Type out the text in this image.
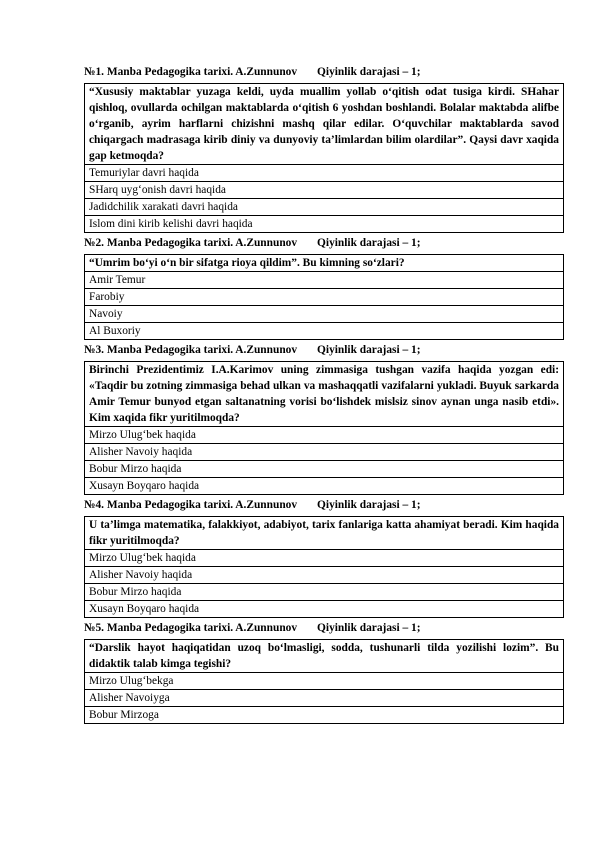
№1. Manba Pedagogika tarixi. A.Zunnunov Qiyinlik darajasi – 1;

“Xususiy maktablar yuzaga keldi, uyda muallim yollab o‘qitish odat tusiga kirdi. SHahar qishloq, ovullarda ochilgan maktablarda o‘qitish 6 yoshdan boshlandi. Bolalar maktabda alifbe o‘rganib, ayrim harflarni chizishni mashq qilar edilar. O‘quvchilar maktablarda savod chiqargach madrasaga kirib diniy va dunyoviy ta’limlardan bilim olardilar”. Qaysi davr xaqida gap ketmoqda?
Temuriylar davri haqida
SHarq uyg‘onish davri haqida
Jadidchilik xarakati davri haqida
Islom dini kirib kelishi davri haqida

№2. Manba Pedagogika tarixi. A.Zunnunov Qiyinlik darajasi – 1;

“Umrim bo‘yi o‘n bir sifatga rioya qildim”. Bu kimning so‘zlari?
Amir Temur
Farobiy
Navoiy
Al Buxoriy

№3. Manba Pedagogika tarixi. A.Zunnunov Qiyinlik darajasi – 1;

Birinchi Prezidentimiz I.A.Karimov uning zimmasiga tushgan vazifa haqida yozgan edi: «Taqdir bu zotning zimmasiga behad ulkan va mashaqqatli vazifalarni yukladi. Buyuk sarkarda Amir Temur bunyod etgan saltanatning vorisi bo‘lishdek mislsiz sinov aynan unga nasib etdi». Kim xaqida fikr yuritilmoqda?
Mirzo Ulug‘bek haqida
Alisher Navoiy haqida
Bobur Mirzo haqida
Xusayn Boyqaro haqida

№4. Manba Pedagogika tarixi. A.Zunnunov Qiyinlik darajasi – 1;

U ta’limga matematika, falakkiyot, adabiyot, tarix fanlariga katta ahamiyat beradi. Kim haqida fikr yuritilmoqda?
Mirzo Ulug‘bek haqida
Alisher Navoiy haqida
Bobur Mirzo haqida
Xusayn Boyqaro haqida

№5. Manba Pedagogika tarixi. A.Zunnunov Qiyinlik darajasi – 1;

“Darslik hayot haqiqatidan uzoq bo‘lmasligi, sodda, tushunarli tilda yozilishi lozim”. Bu didaktik talab kimga tegishi?
Mirzo Ulug‘bekga
Alisher Navoiyga
Bobur Mirzoga
